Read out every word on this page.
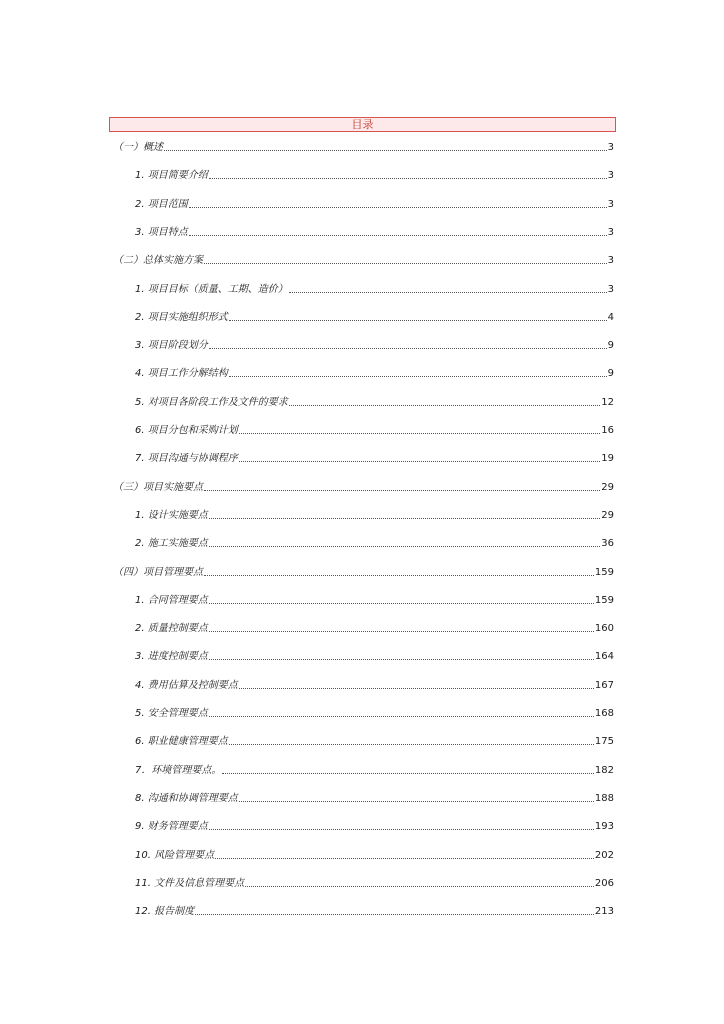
目录
（一）概述	3
1. 项目简要介绍	3
2. 项目范围	3
3. 项目特点	3
（二）总体实施方案	3
1. 项目目标（质量、工期、造价）	3
2. 项目实施组织形式	4
3. 项目阶段划分	9
4. 项目工作分解结构	9
5. 对项目各阶段工作及文件的要求	12
6. 项目分包和采购计划	16
7. 项目沟通与协调程序	19
（三）项目实施要点	29
1. 设计实施要点	29
2. 施工实施要点	36
（四）项目管理要点	159
1. 合同管理要点	159
2. 质量控制要点	160
3. 进度控制要点	164
4. 费用估算及控制要点	167
5. 安全管理要点	168
6. 职业健康管理要点	175
7．环境管理要点。	182
8. 沟通和协调管理要点	188
9. 财务管理要点	193
10. 风险管理要点	202
11. 文件及信息管理要点	206
12. 报告制度	213
